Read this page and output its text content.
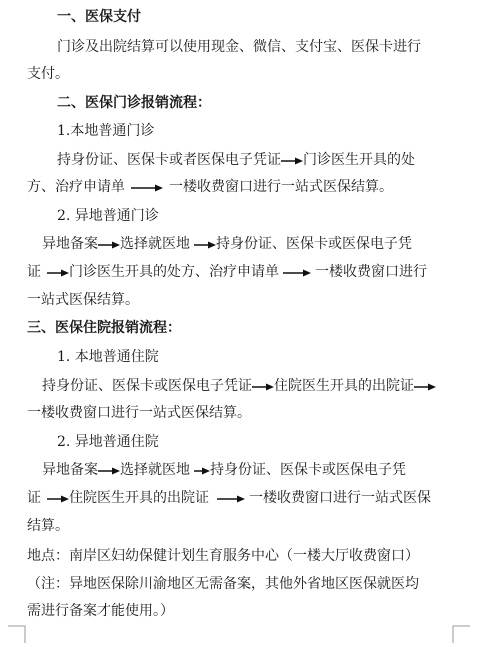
一、医保支付
门诊及出院结算可以使用现金、微信、支付宝、医保卡进行
支付。
二、医保门诊报销流程：
1.本地普通门诊
持身份证、医保卡或者医保电子凭证 门诊医生开具的处
方、治疗申请单	一楼收费窗口进行一站式医保结算。
2. 异地普通门诊
异地备案 选择就医地 持身份证、医保卡或医保电子凭
证 门诊医生开具的处方、治疗申请单	一楼收费窗口进行
一站式医保结算。
三、医保住院报销流程：
1. 本地普通住院
持身份证、医保卡或医保电子凭证 住院医生开具的出院证
一楼收费窗口进行一站式医保结算。
2. 异地普通住院
异地备案 选择就医地 持身份证、医保卡或医保电子凭
证 住院医生开具的出院证	一楼收费窗口进行一站式医保
结算。
地点：南岸区妇幼保健计划生育服务中心（一楼大厅收费窗口）
（注：异地医保除川渝地区无需备案，其他外省地区医保就医均
需进行备案才能使用。）
